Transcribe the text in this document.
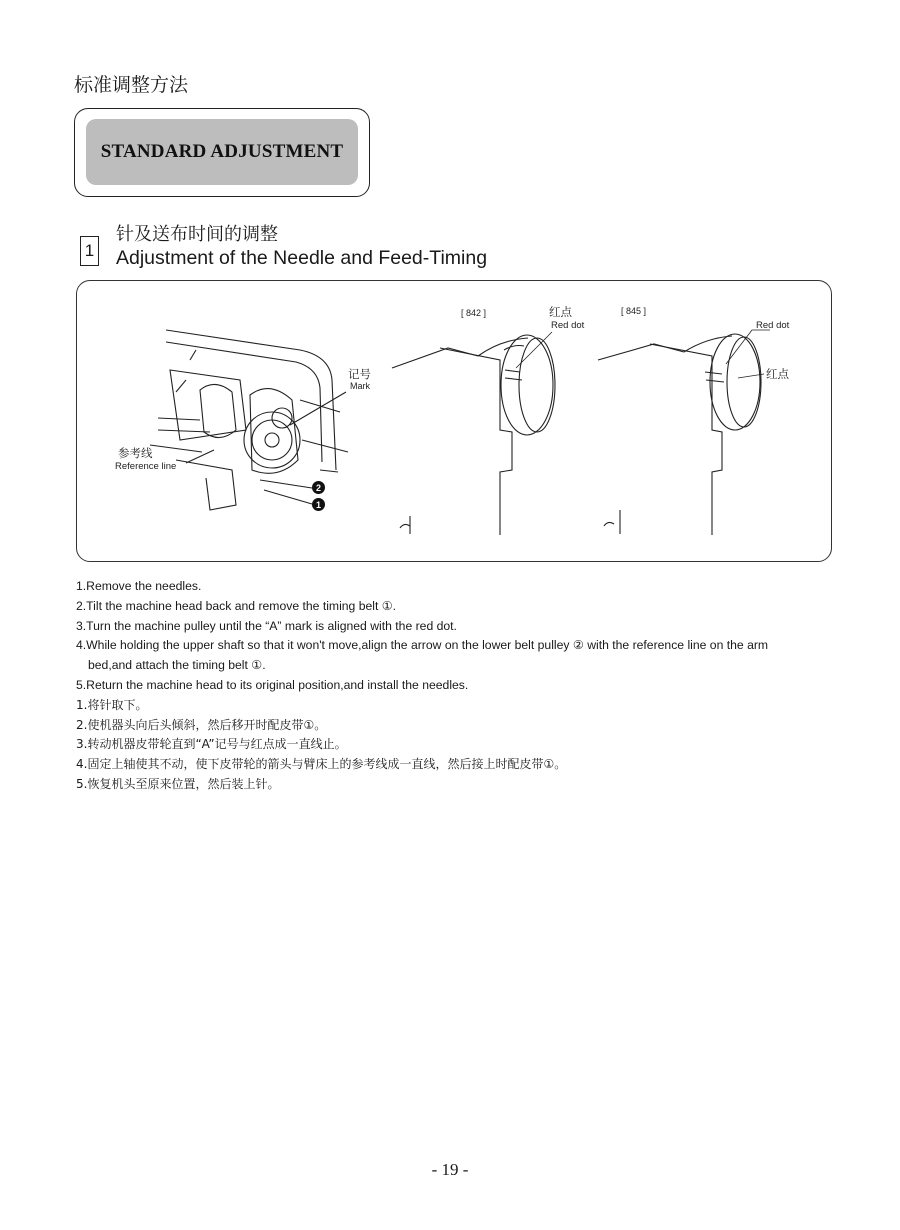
标准调整方法
STANDARD ADJUSTMENT
1
针及送布时间的调整
Adjustment of the Needle and Feed-Timing
记号
Mark
参考线
Reference line
2
1
[ 842 ]	红点
Red dot
[ 845 ]
Red dot
红点
1.Remove the needles.
2.Tilt the machine head back and remove the timing belt ①.
3.Turn the machine pulley until the “A” mark is aligned with the red dot.
4.While holding the upper shaft so that it won't move,align the arrow on the lower belt pulley ② with the reference line on the arm
bed,and attach the timing belt ①.
5.Return the machine head to its original position,and install the needles.
1.将针取下。
2.使机器头向后头倾斜，然后移开时配皮带①。
3.转动机器皮带轮直到“A”记号与红点成一直线止。
4.固定上轴使其不动，使下皮带轮的箭头与臂床上的参考线成一直线，然后接上时配皮带①。
5.恢复机头至原来位置，然后装上针。
- 19 -
